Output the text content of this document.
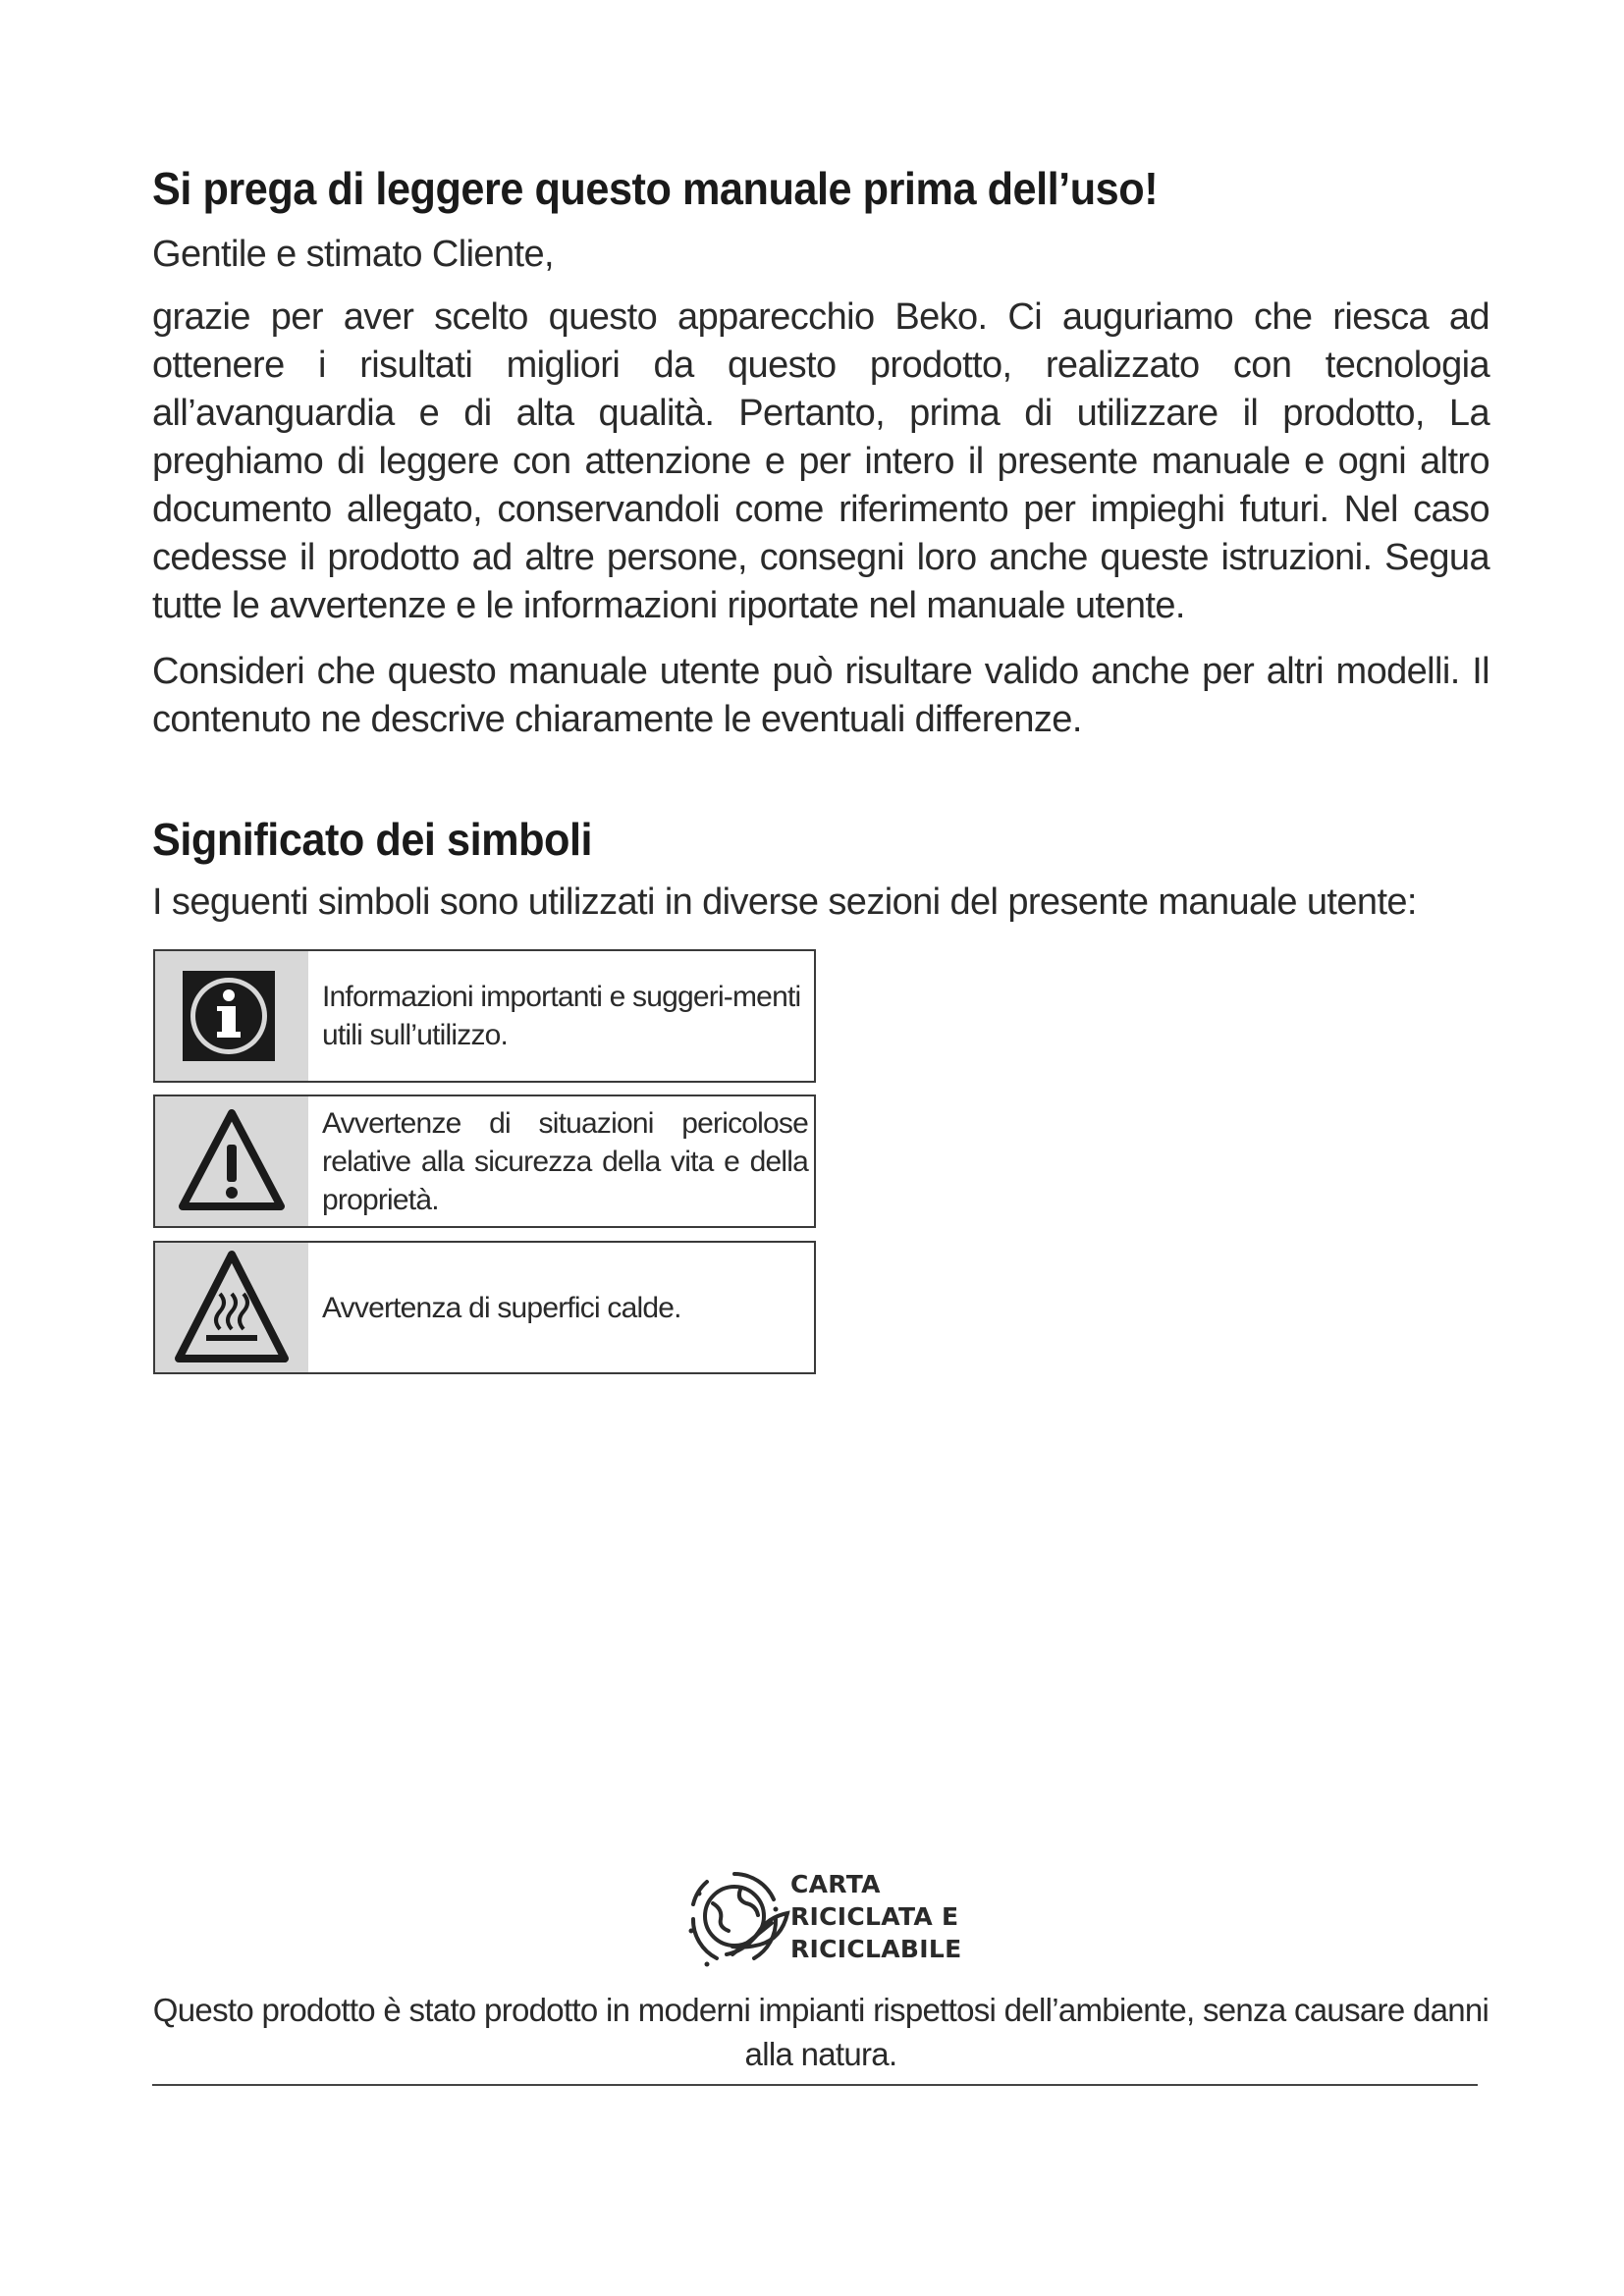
Si prega di leggere questo manuale prima dell’uso!

Gentile e stimato Cliente,

grazie per aver scelto questo apparecchio Beko. Ci auguriamo che riesca ad ottenere i risultati migliori da questo prodotto, realizzato con tecnologia all’avanguardia e di alta qualità. Pertanto, prima di utilizzare il prodotto, La preghiamo di leggere con attenzione e per intero il presente manuale e ogni altro documento allegato, conservandoli come riferimento per impieghi futuri. Nel caso cedesse il prodotto ad altre persone, consegni loro anche queste istruzioni. Segua tutte le avvertenze e le informazioni riportate nel manuale utente.

Consideri che questo manuale utente può risultare valido anche per altri modelli. Il contenuto ne descrive chiaramente le eventuali differenze.

Significato dei simboli

I seguenti simboli sono utilizzati in diverse sezioni del presente manuale utente:

Informazioni importanti e suggeri-menti utili sull’utilizzo.

Avvertenze di situazioni pericolose relative alla sicurezza della vita e della proprietà.

Avvertenza di superfici calde.

CARTA
RICICLATA E
RICICLABILE

Questo prodotto è stato prodotto in moderni impianti rispettosi dell’ambiente, senza causare danni alla natura.
